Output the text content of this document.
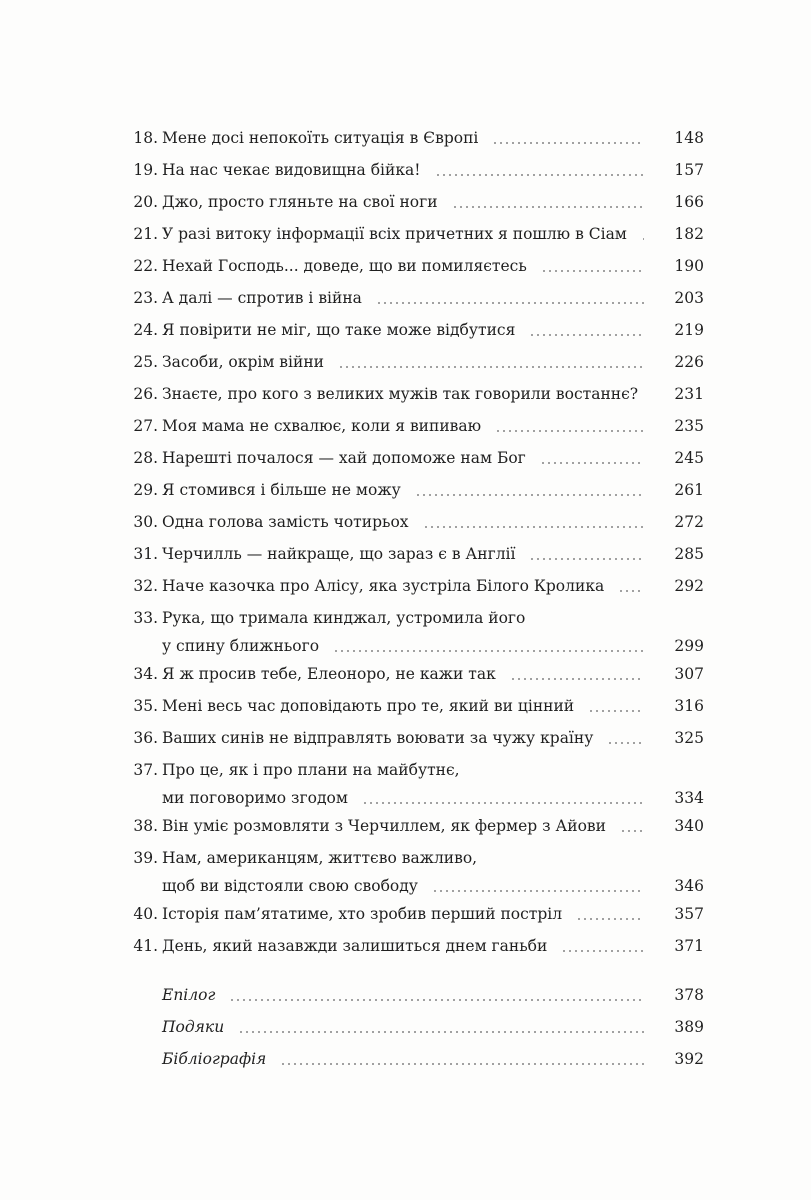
18. Мене досі непокоїть ситуація в Європі	148
19. На нас чекає видовищна бійка!	157
20. Джо, просто гляньте на свої ноги	166
21. У разі витоку інформації всіх причетних я пошлю в Сіам	182
22. Нехай Господь... доведе, що ви помиляєтесь	190
23. А далі — спротив і війна	203
24. Я повірити не міг, що таке може відбутися	219
25. Засоби, окрім війни	226
26. Знаєте, про кого з великих мужів так говорили востаннє? 231
27. Моя мама не схвалює, коли я випиваю	235
28. Нарешті почалося — хай допоможе нам Бог	245
29. Я стомився і більше не можу	261
30. Одна голова замість чотирьох	272
31. Черчилль — найкраще, що зараз є в Англії	285
32. Наче казочка про Алісу, яка зустріла Білого Кролика	292
33. Рука, що тримала кинджал, устромила його
у спину ближнього	299
34. Я ж просив тебе, Елеоноро, не кажи так	307
35. Мені весь час доповідають про те, який ви цінний	316
36. Ваших синів не відправлять воювати за чужу країну	325
37. Про це, як і про плани на майбутнє,
ми поговоримо згодом	334
38. Він уміє розмовляти з Черчиллем, як фермер з Айови	340
39. Нам, американцям, життєво важливо,
щоб ви відстояли свою свободу	346
40. Історія пам’ятатиме, хто зробив перший постріл	357
41. День, який назавжди залишиться днем ганьби	371
Епілог	378
Подяки	389
Бібліографія	392
